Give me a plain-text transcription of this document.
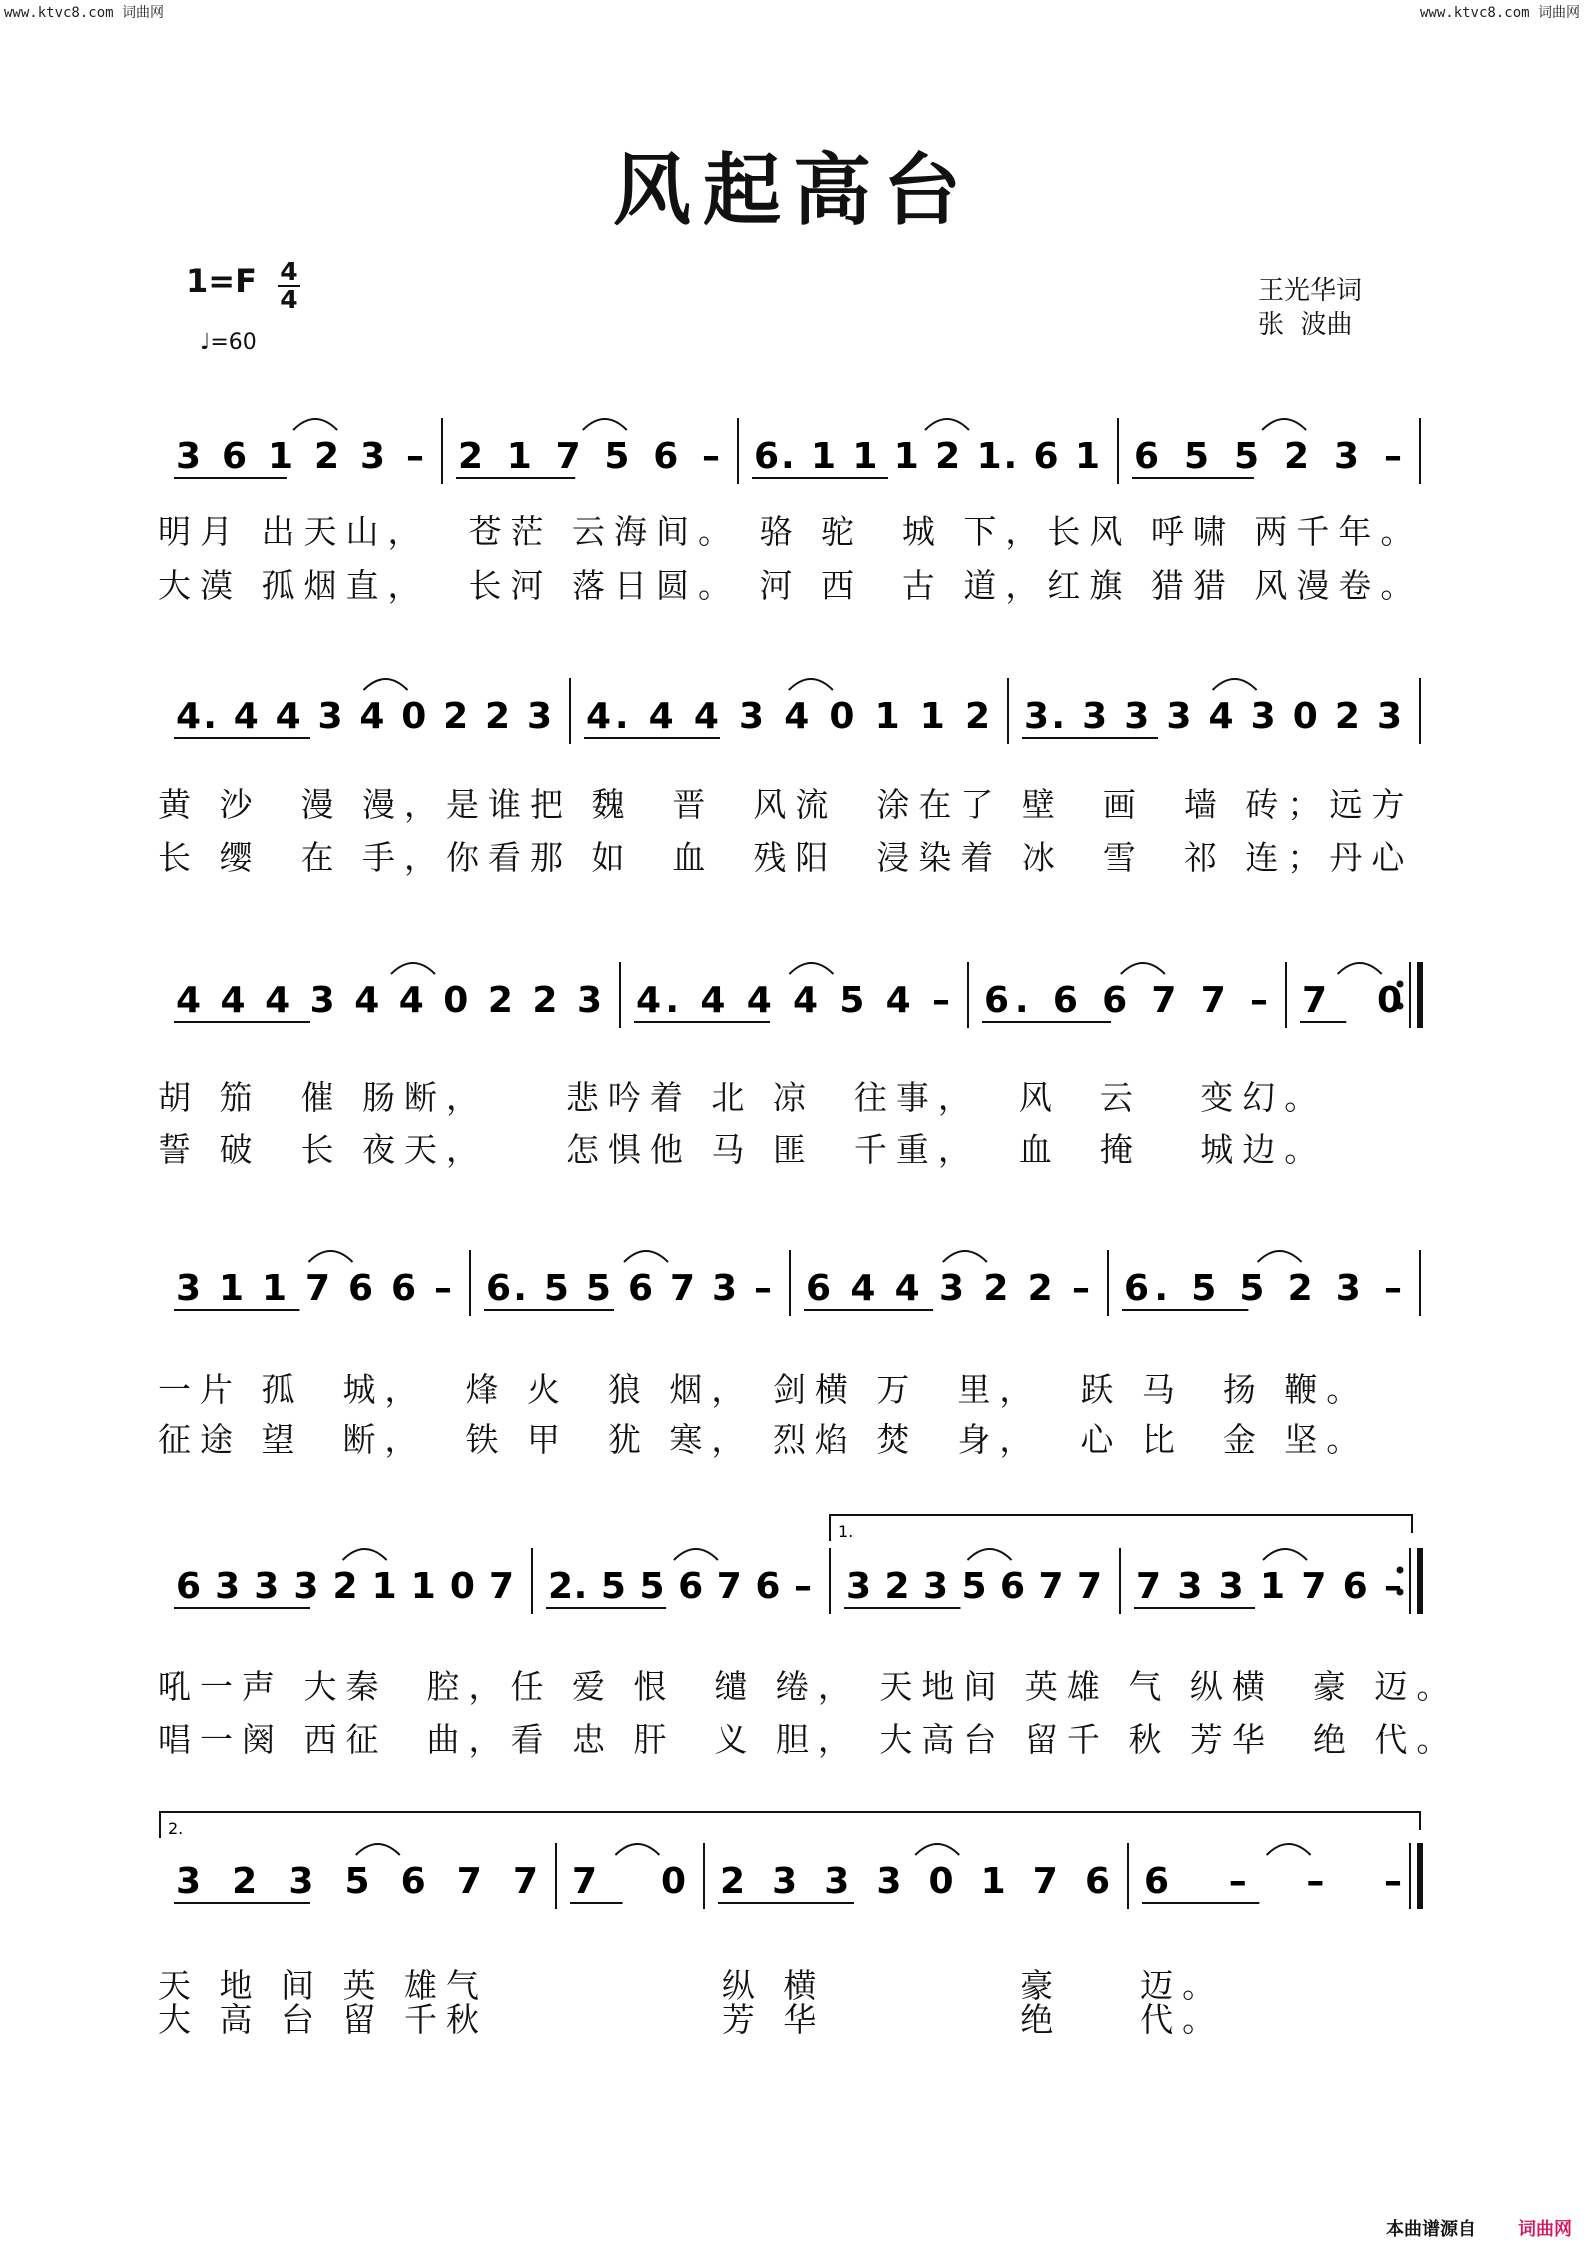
www.ktvc8.com 词曲网	www.ktvc8.com 词曲网
风起高台
1=F 4
4
♩=60
王光华词
张  波曲
3 6 1 2 3 – 2 1 7 5 6 – 6. 1 1 1 2 1. 6 1 6 5 5 2 3 –
4. 4 4 3 4 0 2 2 3 4. 4 4 3 4 0 1 1 2 3. 3 3 3 4 3 0 2 3
4 4 4 3 4 4 0 2 2 3 4. 4 4 4 5 4 – 6. 6 6 7 7 – 7 0
3 1 1 7 6 6 – 6. 5 5 6 7 3 – 6 4 4 3 2 2 – 6. 5 5 2 3 –
1.
6 3 3 3 2 1 1 0 7 2. 5 5 6 7 6 – 3 2 3 5 6 7 7 7 3 3 1 7 6 –
2.
3 2 3 5 6 7 7 7 0 2 3 3 3 0 1 7 6 6 – – –
明月 出天山，  苍茫 云海间。 骆 驼  城 下，长风 呼啸 两千年。
大漠 孤烟直，  长河 落日圆。 河 西  古 道，红旗 猎猎 风漫卷。
黄 沙  漫 漫，是谁把 魏  晋  风流  涂在了 壁  画  墙 砖；远方
长 缨  在 手，你看那 如  血  残阳  浸染着 冰  雪  祁 连；丹心
胡 笳  催 肠断，    悲吟着 北 凉  往事，  风  云   变幻。
誓 破  长 夜天，    怎惧他 马 匪  千重，  血  掩   城边。
一片 孤  城，  烽 火  狼 烟， 剑横 万  里，  跃 马  扬 鞭。
征途 望  断，  铁 甲  犹 寒， 烈焰 焚  身，  心 比  金 坚。
吼一声 大秦  腔，任 爱 恨  缱 绻， 天地间 英雄 气 纵横  豪 迈。
唱一阕 西征  曲，看 忠 肝  义 胆， 大高台 留千 秋 芳华  绝 代。
天 地 间 英 雄气            纵 横          豪    迈。
大 高 台 留 千秋            芳 华          绝    代。
本曲谱源自 词曲网
